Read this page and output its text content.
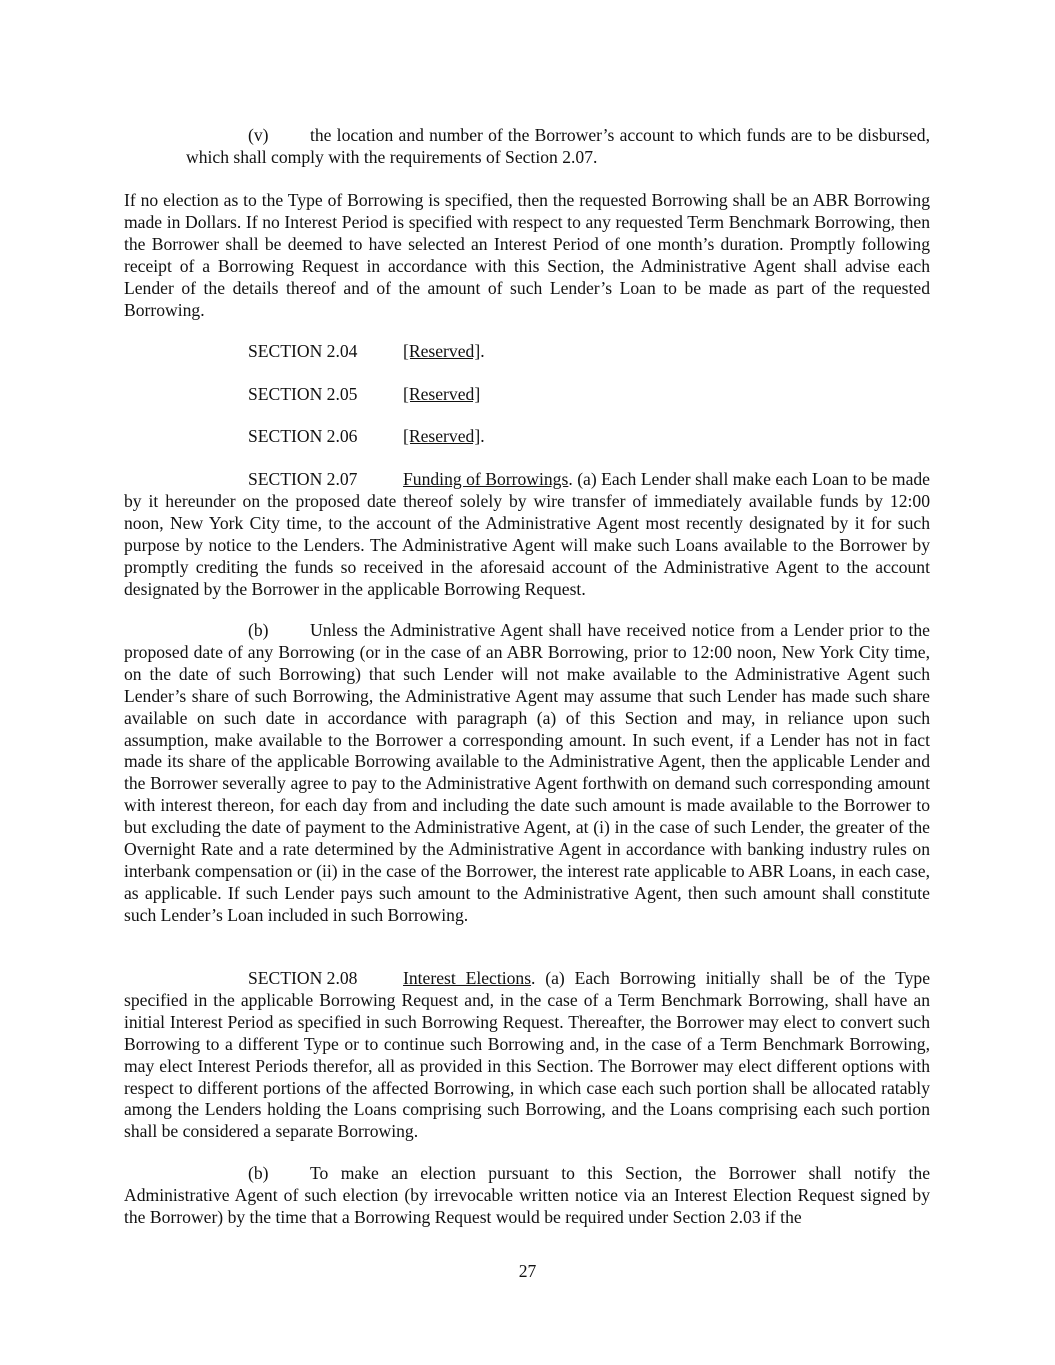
(v) the location and number of the Borrower’s account to which funds are to be disbursed, which shall comply with the requirements of Section 2.07.

If no election as to the Type of Borrowing is specified, then the requested Borrowing shall be an ABR Borrowing made in Dollars. If no Interest Period is specified with respect to any requested Term Benchmark Borrowing, then the Borrower shall be deemed to have selected an Interest Period of one month’s duration. Promptly following receipt of a Borrowing Request in accordance with this Section, the Administrative Agent shall advise each Lender of the details thereof and of the amount of such Lender’s Loan to be made as part of the requested Borrowing.

SECTION 2.04	[Reserved].

SECTION 2.05	[Reserved]

SECTION 2.06	[Reserved].

SECTION 2.07	Funding of Borrowings. (a) Each Lender shall make each Loan to be made by it hereunder on the proposed date thereof solely by wire transfer of immediately available funds by 12:00 noon, New York City time, to the account of the Administrative Agent most recently designated by it for such purpose by notice to the Lenders. The Administrative Agent will make such Loans available to the Borrower by promptly crediting the funds so received in the aforesaid account of the Administrative Agent to the account designated by the Borrower in the applicable Borrowing Request.

(b) Unless the Administrative Agent shall have received notice from a Lender prior to the proposed date of any Borrowing (or in the case of an ABR Borrowing, prior to 12:00 noon, New York City time, on the date of such Borrowing) that such Lender will not make available to the Administrative Agent such Lender’s share of such Borrowing, the Administrative Agent may assume that such Lender has made such share available on such date in accordance with paragraph (a) of this Section and may, in reliance upon such assumption, make available to the Borrower a corresponding amount. In such event, if a Lender has not in fact made its share of the applicable Borrowing available to the Administrative Agent, then the applicable Lender and the Borrower severally agree to pay to the Administrative Agent forthwith on demand such corresponding amount with interest thereon, for each day from and including the date such amount is made available to the Borrower to but excluding the date of payment to the Administrative Agent, at (i) in the case of such Lender, the greater of the Overnight Rate and a rate determined by the Administrative Agent in accordance with banking industry rules on interbank compensation or (ii) in the case of the Borrower, the interest rate applicable to ABR Loans, in each case, as applicable. If such Lender pays such amount to the Administrative Agent, then such amount shall constitute such Lender’s Loan included in such Borrowing.

SECTION 2.08	Interest Elections. (a) Each Borrowing initially shall be of the Type specified in the applicable Borrowing Request and, in the case of a Term Benchmark Borrowing, shall have an initial Interest Period as specified in such Borrowing Request. Thereafter, the Borrower may elect to convert such Borrowing to a different Type or to continue such Borrowing and, in the case of a Term Benchmark Borrowing, may elect Interest Periods therefor, all as provided in this Section. The Borrower may elect different options with respect to different portions of the affected Borrowing, in which case each such portion shall be allocated ratably among the Lenders holding the Loans comprising such Borrowing, and the Loans comprising each such portion shall be considered a separate Borrowing.

(b) To make an election pursuant to this Section, the Borrower shall notify the Administrative Agent of such election (by irrevocable written notice via an Interest Election Request signed by the Borrower) by the time that a Borrowing Request would be required under Section 2.03 if the

27
